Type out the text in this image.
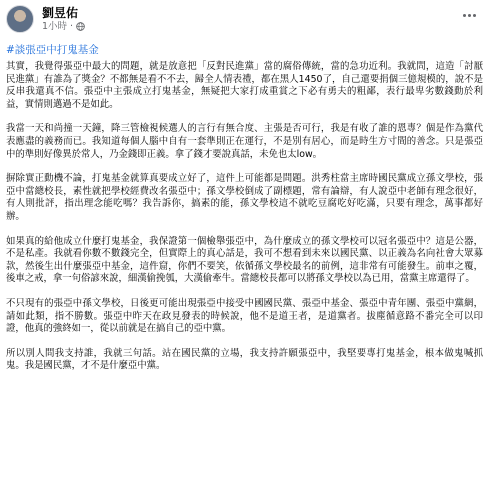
劉昱佑
1小時 ·
#談張亞中打鬼基金

其實，我覺得張亞中最大的問題，就是放意把「反對民進黨」當的腐俗傳統，當的急功近利。我就問，這造「討厭民進黨」有誰為了獎金？不都無是看不不去，歸全人情表禮，都在黑人1450了，自己還要捐個三億規模的，說不是反串我還真不信。張亞中主張成立打鬼基金，無疑把大家打成重賞之下必有勇夫的粗鄙，表行最卑劣數錢動於利益，實情則邁過不是如此。

我當一天和尚撞一天鐘，降三管檢視候選人的言行有無合度、主張是否可行，我是有收了誰的恩專？個是作為黨代表應盡的義務而已。我知道每個人腦中自有一套準則正在運行，不是別有居心，而是時生方寸間的善念。只是張亞中的準則好像異於常人，乃金錢即正義。拿了錢才要說真話，未免也太low。

摒除實正動機不論，打鬼基金就算真要成立好了，這件上可能都是問題。洪秀柱當主席時國民黨成立孫文學校，張亞中當總校長，素性就把學校經費改名張亞中；孫文學校倒成了副標題，常有論辯，有人說亞中老師有理念很好，有人則批評，指出理念能吃嗎？我告訴你，搞素的能，孫文學校這不就吃豆腐吃好吃滿，只要有理念，萬事都好辦。

如果真的給他成立什麼打鬼基金，我保證第一個檢舉張亞中，為什麼成立的孫文學校可以冠名張亞中？這是公器，不是私產。我就看你數不數錢完全，但實際上的真心話是，我可不想看到未來以國民黨、以正義為名向社會大眾募款，然後生出什麼張亞中基金，這件窟，你們不要笑，依循孫文學校最名的前例，這非常有可能發生。前車之覆，後車之戒，拿一句俗諺來說，細漢偷挽瓠，大漢偷牽牛。當總校長都可以將孫文學校以為已用，當黨主席還得了。

不只現有的張亞中孫文學校，日後更可能出現張亞中接受中國國民黨、張亞中基金、張亞中青年團、張亞中黨網，請如此類，指不勝數。張亞中昨天在政見發表的時候說，他不是道王者，是道黨者。拔塵循意路不番完全可以印證，他真的強終如一，從以前就是在搞自己的亞中黨。

所以別人問我支持誰，我就三句話。站在國民黨的立場，我支持許願張亞中，我堅要專打鬼基金，根本做鬼喊抓鬼。我是國民黨，才不是什麼亞中黨。
